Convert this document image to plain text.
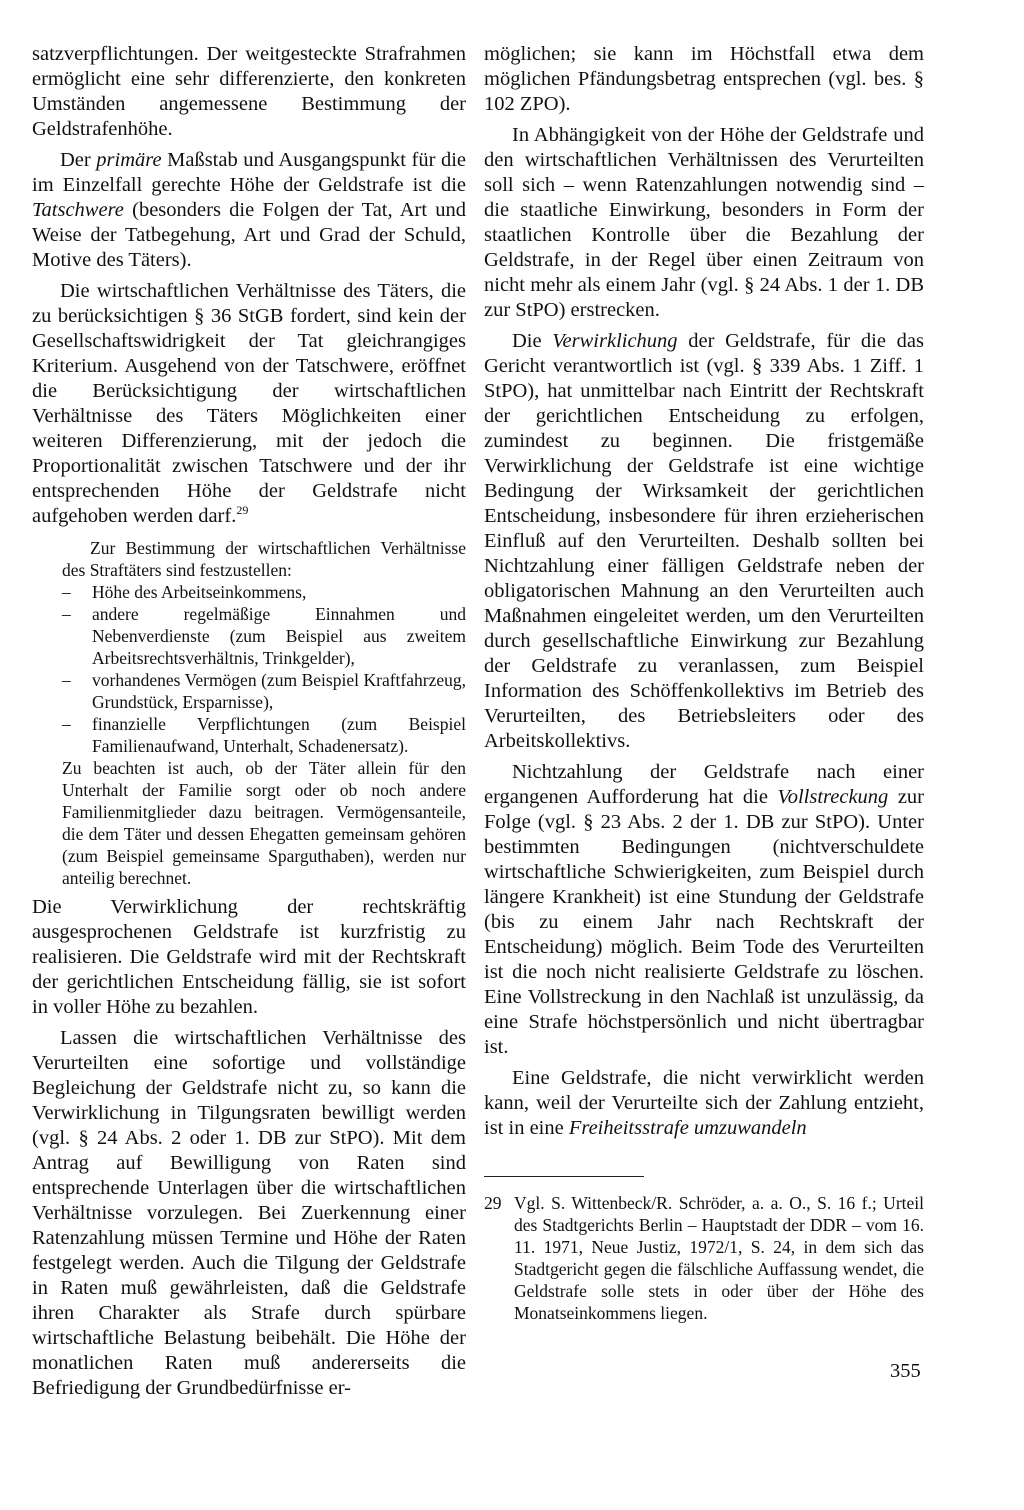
satzverpflichtungen. Der weitgesteckte Strafrahmen ermöglicht eine sehr differenzierte, den konkreten Umständen angemessene Bestimmung der Geldstrafenhöhe.

Der primäre Maßstab und Ausgangspunkt für die im Einzelfall gerechte Höhe der Geldstrafe ist die Tatschwere (besonders die Folgen der Tat, Art und Weise der Tatbegehung, Art und Grad der Schuld, Motive des Täters).

Die wirtschaftlichen Verhältnisse des Täters, die zu berücksichtigen § 36 StGB fordert, sind kein der Gesellschaftswidrigkeit der Tat gleichrangiges Kriterium. Ausgehend von der Tatschwere, eröffnet die Berücksichtigung der wirtschaftlichen Verhältnisse des Täters Möglichkeiten einer weiteren Differenzierung, mit der jedoch die Proportionalität zwischen Tatschwere und der ihr entsprechenden Höhe der Geldstrafe nicht aufgehoben werden darf.$^{29}$

Zur Bestimmung der wirtschaftlichen Verhältnisse des Straftäters sind festzustellen:

– Höhe des Arbeitseinkommens,
– andere regelmäßige Einnahmen und Nebenverdienste (zum Beispiel aus zweitem Arbeitsrechtsverhältnis, Trinkgelder),
– vorhandenes Vermögen (zum Beispiel Kraftfahrzeug, Grundstück, Ersparnisse),
– finanzielle Verpflichtungen (zum Beispiel Familienaufwand, Unterhalt, Schadenersatz).

Zu beachten ist auch, ob der Täter allein für den Unterhalt der Familie sorgt oder ob noch andere Familienmitglieder dazu beitragen. Vermögensanteile, die dem Täter und dessen Ehegatten gemeinsam gehören (zum Beispiel gemeinsame Sparguthaben), werden nur anteilig berechnet.

Die Verwirklichung der rechtskräftig ausgesprochenen Geldstrafe ist kurzfristig zu realisieren. Die Geldstrafe wird mit der Rechtskraft der gerichtlichen Entscheidung fällig, sie ist sofort in voller Höhe zu bezahlen.

Lassen die wirtschaftlichen Verhältnisse des Verurteilten eine sofortige und vollständige Begleichung der Geldstrafe nicht zu, so kann die Verwirklichung in Tilgungsraten bewilligt werden (vgl. § 24 Abs. 2 oder 1. DB zur StPO). Mit dem Antrag auf Bewilligung von Raten sind entsprechende Unterlagen über die wirtschaftlichen Verhältnisse vorzulegen. Bei Zuerkennung einer Ratenzahlung müssen Termine und Höhe der Raten festgelegt werden. Auch die Tilgung der Geldstrafe in Raten muß gewährleisten, daß die Geldstrafe ihren Charakter als Strafe durch spürbare wirtschaftliche Belastung beibehält. Die Höhe der monatlichen Raten muß andererseits die Befriedigung der Grundbedürfnisse er-

möglichen; sie kann im Höchstfall etwa dem möglichen Pfändungsbetrag entsprechen (vgl. bes. § 102 ZPO).

In Abhängigkeit von der Höhe der Geldstrafe und den wirtschaftlichen Verhältnissen des Verurteilten soll sich – wenn Ratenzahlungen notwendig sind – die staatliche Einwirkung, besonders in Form der staatlichen Kontrolle über die Bezahlung der Geldstrafe, in der Regel über einen Zeitraum von nicht mehr als einem Jahr (vgl. § 24 Abs. 1 der 1. DB zur StPO) erstrecken.

Die Verwirklichung der Geldstrafe, für die das Gericht verantwortlich ist (vgl. § 339 Abs. 1 Ziff. 1 StPO), hat unmittelbar nach Eintritt der Rechtskraft der gerichtlichen Entscheidung zu erfolgen, zumindest zu beginnen. Die fristgemäße Verwirklichung der Geldstrafe ist eine wichtige Bedingung der Wirksamkeit der gerichtlichen Entscheidung, insbesondere für ihren erzieherischen Einfluß auf den Verurteilten. Deshalb sollten bei Nichtzahlung einer fälligen Geldstrafe neben der obligatorischen Mahnung an den Verurteilten auch Maßnahmen eingeleitet werden, um den Verurteilten durch gesellschaftliche Einwirkung zur Bezahlung der Geldstrafe zu veranlassen, zum Beispiel Information des Schöffenkollektivs im Betrieb des Verurteilten, des Betriebsleiters oder des Arbeitskollektivs.

Nichtzahlung der Geldstrafe nach einer ergangenen Aufforderung hat die Vollstreckung zur Folge (vgl. § 23 Abs. 2 der 1. DB zur StPO). Unter bestimmten Bedingungen (nichtverschuldete wirtschaftliche Schwierigkeiten, zum Beispiel durch längere Krankheit) ist eine Stundung der Geldstrafe (bis zu einem Jahr nach Rechtskraft der Entscheidung) möglich. Beim Tode des Verurteilten ist die noch nicht realisierte Geldstrafe zu löschen. Eine Vollstreckung in den Nachlaß ist unzulässig, da eine Strafe höchstpersönlich und nicht übertragbar ist.

Eine Geldstrafe, die nicht verwirklicht werden kann, weil der Verurteilte sich der Zahlung entzieht, ist in eine Freiheitsstrafe umzuwandeln

29 Vgl. S. Wittenbeck/R. Schröder, a. a. O., S. 16 f.; Urteil des Stadtgerichts Berlin – Hauptstadt der DDR – vom 16. 11. 1971, Neue Justiz, 1972/1, S. 24, in dem sich das Stadtgericht gegen die fälschliche Auffassung wendet, die Geldstrafe solle stets in oder über der Höhe des Monatseinkommens liegen.
355
